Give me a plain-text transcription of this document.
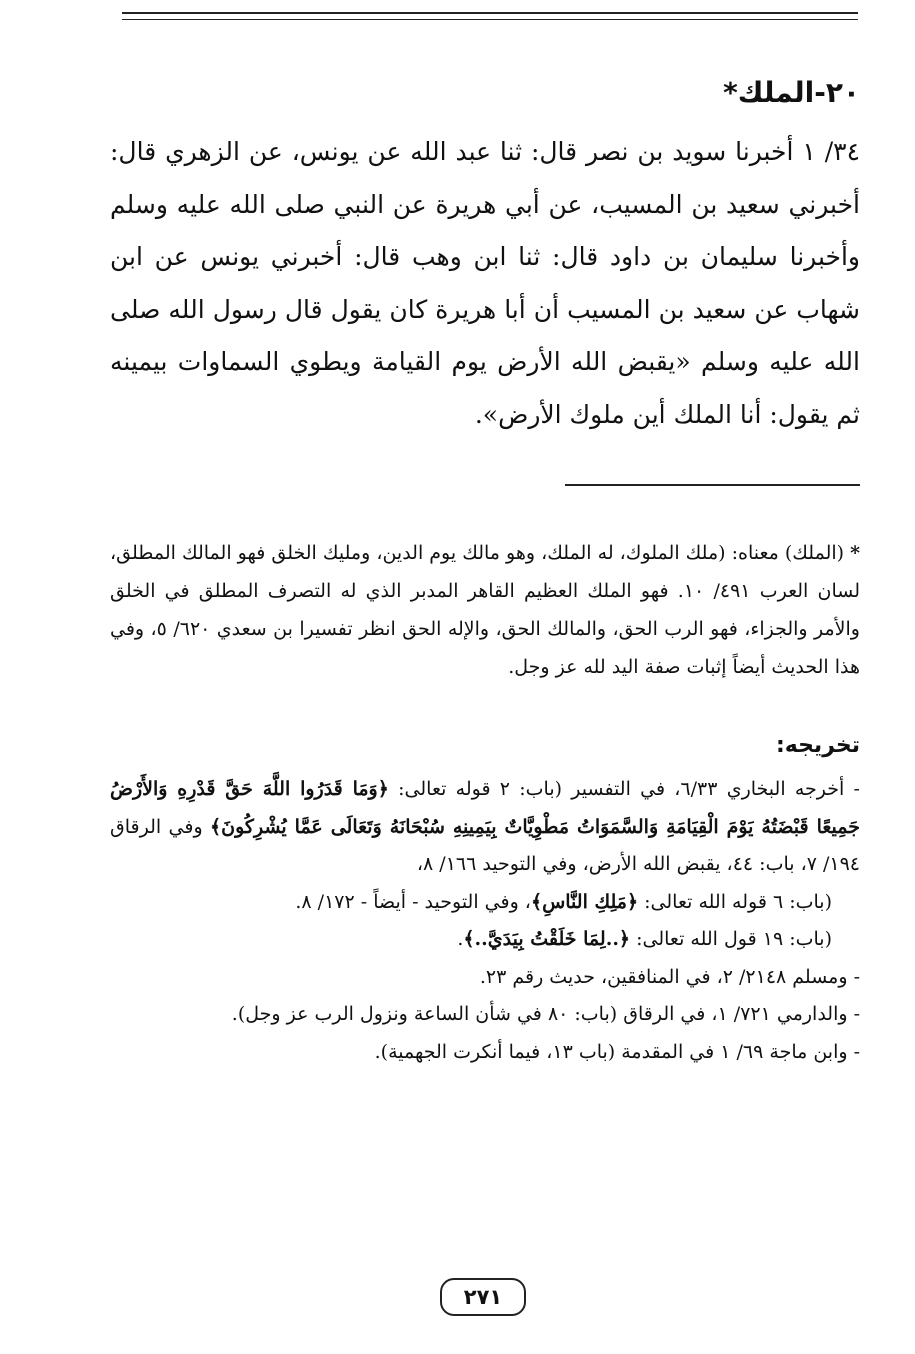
٢٠-الملك*

٣٤/ ١ أخبرنا سويد بن نصر قال: ثنا عبد الله عن يونس، عن الزهري قال: أخبرني سعيد بن المسيب، عن أبي هريرة عن النبي صلى الله عليه وسلم وأخبرنا سليمان بن داود قال: ثنا ابن وهب قال: أخبرني يونس عن ابن شهاب عن سعيد بن المسيب أن أبا هريرة كان يقول قال رسول الله صلى الله عليه وسلم «يقبض الله الأرض يوم القيامة ويطوي السماوات بيمينه ثم يقول: أنا الملك أين ملوك الأرض».

*(الملك) معناه: (ملك الملوك، له الملك، وهو مالك يوم الدين، ومليك الخلق فهو المالك المطلق، لسان العرب ٤٩١/ ١٠. فهو الملك العظيم القاهر المدبر الذي له التصرف المطلق في الخلق والأمر والجزاء، فهو الرب الحق، والمالك الحق، والإله الحق انظر تفسيرا بن سعدي ٦٢٠/ ٥، وفي هذا الحديث أيضاً إثبات صفة اليد لله عز وجل.

تخريجه:

- أخرجه البخاري ٦/٣٣، في التفسير (باب: ٢ قوله تعالى: ﴿وَمَا قَدَرُوا اللَّهَ حَقَّ قَدْرِهِ وَالأَرْضُ جَمِيعًا قَبْضَتُهُ يَوْمَ الْقِيَامَةِ وَالسَّمَوَاتُ مَطْوِيَّاتٌ بِيَمِينِهِ سُبْحَانَهُ وَتَعَالَى عَمَّا يُشْرِكُونَ﴾ وفي الرقاق ١٩٤/ ٧، باب: ٤٤، يقبض الله الأرض، وفي التوحيد ١٦٦/ ٨،

(باب: ٦ قوله الله تعالى: ﴿مَلِكِ النَّاسِ﴾، وفي التوحيد - أيضاً - ١٧٢/ ٨.

(باب: ١٩ قول الله تعالى: ﴿..لِمَا خَلَقْتُ بِيَدَيَّ..﴾.

- ومسلم ٢١٤٨/ ٢، في المنافقين، حديث رقم ٢٣.

- والدارمي ٧٢١/ ١، في الرقاق (باب: ٨٠ في شأن الساعة ونزول الرب عز وجل).

- وابن ماجة ٦٩/ ١ في المقدمة (باب ١٣، فيما أنكرت الجهمية).

٢٧١
